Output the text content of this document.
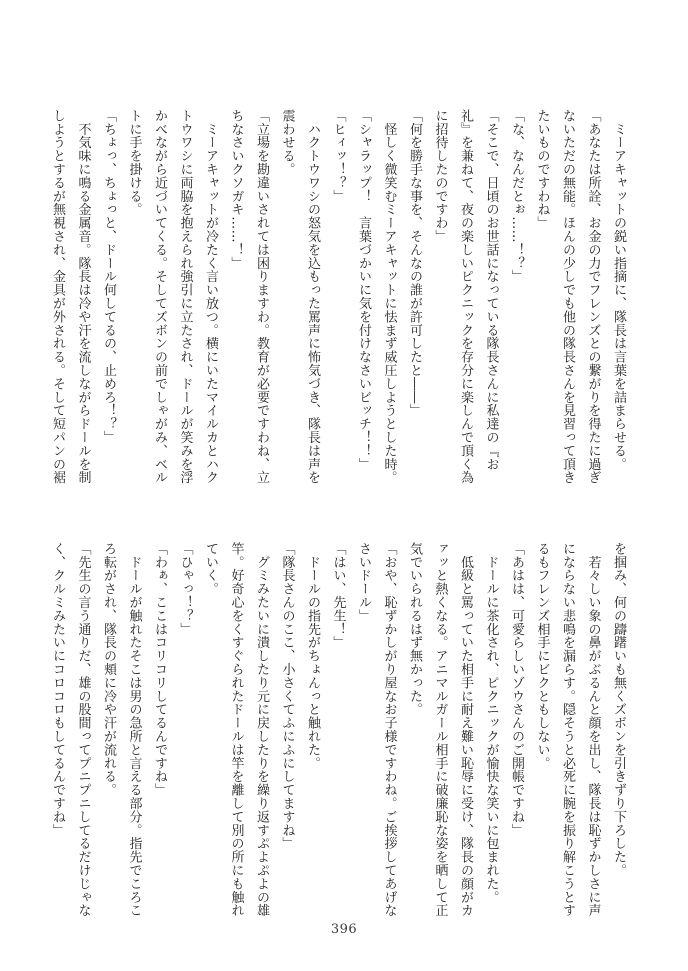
　ミーアキャットの鋭い指摘に、隊長は言葉を詰まらせる。

「あなたは所詮、お金の力でフレンズとの繋がりを得たに過ぎないただの無能。ほんの少しでも他の隊長さんを見習って頂きたいものですわね」

「な、なんだとぉ……！？」

「そこで、日頃のお世話になっている隊長さんに私達の『お礼』を兼ねて、夜の楽しいピクニックを存分に楽しんで頂く為に招待したのですわ」

「何を勝手な事を、そんなの誰が許可したと――」

　怪しく微笑むミーアキャットに怯まず威圧しようとした時。

「シャラップ！　言葉づかいに気を付けなさいビッチ！！」

「ヒィッ！？」

　ハクトウワシの怒気を込もった罵声に怖気づき、隊長は声を震わせる。

「立場を勘違いされては困りますわ。教育が必要ですわね、立ちなさいクソガキ……！」

　ミーアキャットが冷たく言い放つ。横にいたマイルカとハクトウワシに両脇を抱えられ強引に立たされ、ドールが笑みを浮かべながら近づいてくる。そしてズボンの前でしゃがみ、ベルトに手を掛ける。

「ちょっ、ちょっと、ドール何してるの、止めろ！？」

　不気味に鳴る金属音。隊長は冷や汗を流しながらドールを制しようとするが無視され、金具が外される。そして短パンの裾

を掴み、何の躊躇いも無くズボンを引きずり下ろした。

　若々しい象の鼻がぶるんと顔を出し、隊長は恥ずかしさに声にならない悲鳴を漏らす。隠そうと必死に腕を振り解こうとするもフレンズ相手にビクともしない。

「あはは、可愛らしいゾウさんのご開帳ですね」

　ドールに茶化され、ピクニックが愉快な笑いに包まれた。

　低級と罵っていた相手に耐え難い恥辱に受け、隊長の顔がカァッと熱くなる。アニマルガール相手に破廉恥な姿を晒して正気でいられるはず無かった。

「おや、恥ずかしがり屋なお子様ですわね。ご挨拶してあげなさいドール」

「はい、先生！」

　ドールの指先がちょんっと触れた。

「隊長さんのここ、小さくてふにふにしてますね」

　グミみたいに潰したり元に戻したりを繰り返すぷよぷよの雄竿。好奇心をくすぐられたドールは竿を離して別の所にも触れていく。

「ひゃっ！？」

「わぁ、ここはコリコリしてるんですね」

　ドールが触れたそこは男の急所と言える部分。指先でころころ転がされ、隊長の頬に冷や汗が流れる。

「先生の言う通りだ、雄の股間ってプニプニしてるだけじゃなく、クルミみたいにコロコロもしてるんですね」

396
